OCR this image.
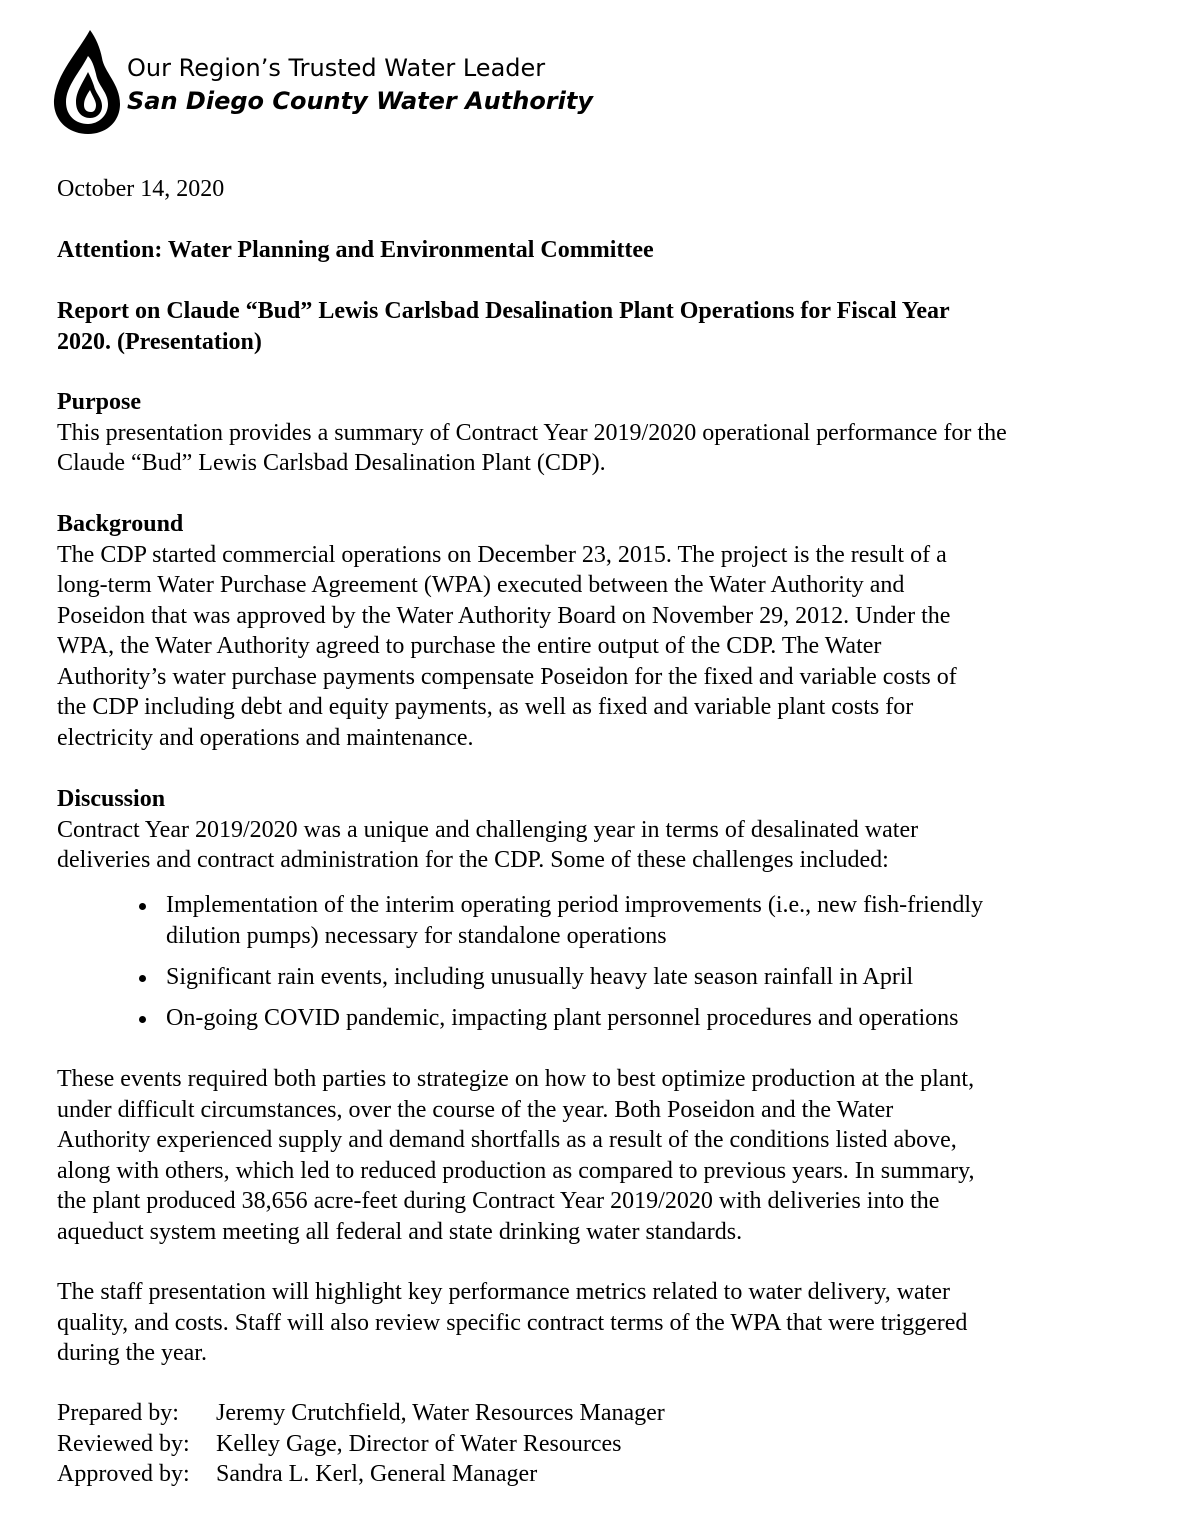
Our Region’s Trusted Water Leader
San Diego County Water Authority
October 14, 2020
Attention: Water Planning and Environmental Committee
Report on Claude “Bud” Lewis Carlsbad Desalination Plant Operations for Fiscal Year
2020. (Presentation)
Purpose
This presentation provides a summary of Contract Year 2019/2020 operational performance for the
Claude “Bud” Lewis Carlsbad Desalination Plant (CDP).
Background
The CDP started commercial operations on December 23, 2015. The project is the result of a
long-term Water Purchase Agreement (WPA) executed between the Water Authority and
Poseidon that was approved by the Water Authority Board on November 29, 2012. Under the
WPA, the Water Authority agreed to purchase the entire output of the CDP. The Water
Authority’s water purchase payments compensate Poseidon for the fixed and variable costs of
the CDP including debt and equity payments, as well as fixed and variable plant costs for
electricity and operations and maintenance.
Discussion
Contract Year 2019/2020 was a unique and challenging year in terms of desalinated water
deliveries and contract administration for the CDP. Some of these challenges included:
Implementation of the interim operating period improvements (i.e., new fish-friendly
dilution pumps) necessary for standalone operations
Significant rain events, including unusually heavy late season rainfall in April
On-going COVID pandemic, impacting plant personnel procedures and operations
These events required both parties to strategize on how to best optimize production at the plant,
under difficult circumstances, over the course of the year. Both Poseidon and the Water
Authority experienced supply and demand shortfalls as a result of the conditions listed above,
along with others, which led to reduced production as compared to previous years. In summary,
the plant produced 38,656 acre-feet during Contract Year 2019/2020 with deliveries into the
aqueduct system meeting all federal and state drinking water standards.
The staff presentation will highlight key performance metrics related to water delivery, water
quality, and costs. Staff will also review specific contract terms of the WPA that were triggered
during the year.
Prepared by: Jeremy Crutchfield, Water Resources Manager
Reviewed by: Kelley Gage, Director of Water Resources
Approved by: Sandra L. Kerl, General Manager
